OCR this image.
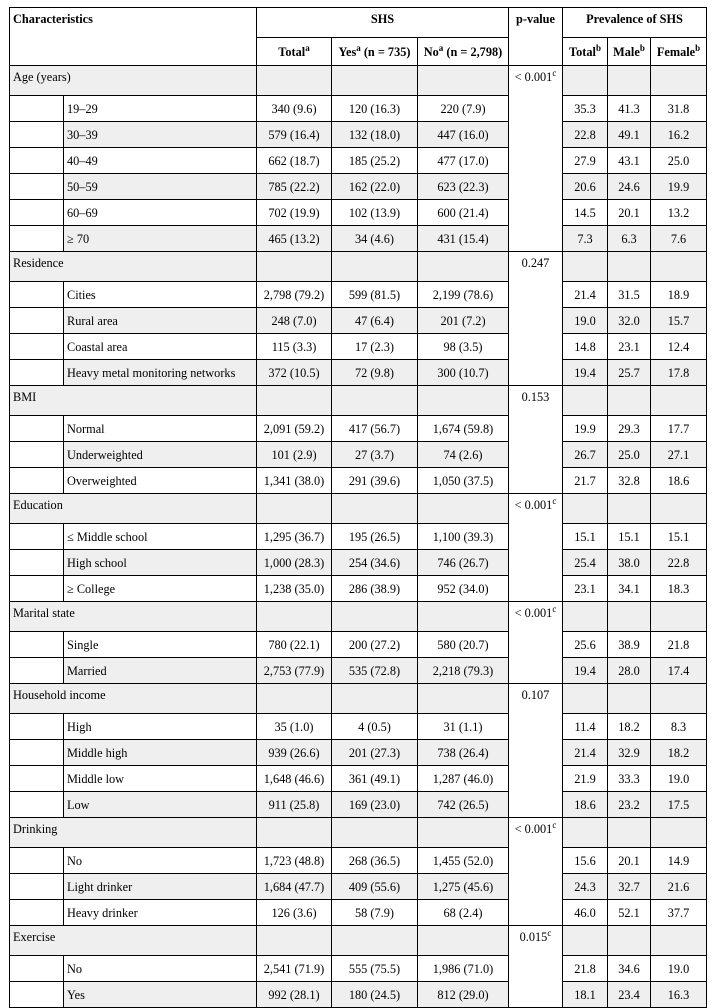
Characteristics		SHS			p-value	Prevalence of SHS		
		Total$^a$	Yes$^a$ (n = 735)	No$^a$ (n = 2,798)		Total$^b$	Male$^b$	Female$^b$
Age (years)					< 0.001$^c$			
	19–29	340 (9.6)	120 (16.3)	220 (7.9)		35.3	41.3	31.8
	30–39	579 (16.4)	132 (18.0)	447 (16.0)		22.8	49.1	16.2
	40–49	662 (18.7)	185 (25.2)	477 (17.0)		27.9	43.1	25.0
	50–59	785 (22.2)	162 (22.0)	623 (22.3)		20.6	24.6	19.9
	60–69	702 (19.9)	102 (13.9)	600 (21.4)		14.5	20.1	13.2
	≥ 70	465 (13.2)	34 (4.6)	431 (15.4)		7.3	6.3	7.6
Residence					0.247			
	Cities	2,798 (79.2)	599 (81.5)	2,199 (78.6)		21.4	31.5	18.9
	Rural area	248 (7.0)	47 (6.4)	201 (7.2)		19.0	32.0	15.7
	Coastal area	115 (3.3)	17 (2.3)	98 (3.5)		14.8	23.1	12.4
	Heavy metal monitoring networks	372 (10.5)	72 (9.8)	300 (10.7)		19.4	25.7	17.8
BMI					0.153			
	Normal	2,091 (59.2)	417 (56.7)	1,674 (59.8)		19.9	29.3	17.7
	Underweighted	101 (2.9)	27 (3.7)	74 (2.6)		26.7	25.0	27.1
	Overweighted	1,341 (38.0)	291 (39.6)	1,050 (37.5)		21.7	32.8	18.6
Education					< 0.001$^c$			
	≤ Middle school	1,295 (36.7)	195 (26.5)	1,100 (39.3)		15.1	15.1	15.1
	High school	1,000 (28.3)	254 (34.6)	746 (26.7)		25.4	38.0	22.8
	≥ College	1,238 (35.0)	286 (38.9)	952 (34.0)		23.1	34.1	18.3
Marital state					< 0.001$^c$			
	Single	780 (22.1)	200 (27.2)	580 (20.7)		25.6	38.9	21.8
	Married	2,753 (77.9)	535 (72.8)	2,218 (79.3)		19.4	28.0	17.4
Household income					0.107			
	High	35 (1.0)	4 (0.5)	31 (1.1)		11.4	18.2	8.3
	Middle high	939 (26.6)	201 (27.3)	738 (26.4)		21.4	32.9	18.2
	Middle low	1,648 (46.6)	361 (49.1)	1,287 (46.0)		21.9	33.3	19.0
	Low	911 (25.8)	169 (23.0)	742 (26.5)		18.6	23.2	17.5
Drinking					< 0.001$^c$			
	No	1,723 (48.8)	268 (36.5)	1,455 (52.0)		15.6	20.1	14.9
	Light drinker	1,684 (47.7)	409 (55.6)	1,275 (45.6)		24.3	32.7	21.6
	Heavy drinker	126 (3.6)	58 (7.9)	68 (2.4)		46.0	52.1	37.7
Exercise					0.015$^c$			
	No	2,541 (71.9)	555 (75.5)	1,986 (71.0)		21.8	34.6	19.0
	Yes	992 (28.1)	180 (24.5)	812 (29.0)		18.1	23.4	16.3
